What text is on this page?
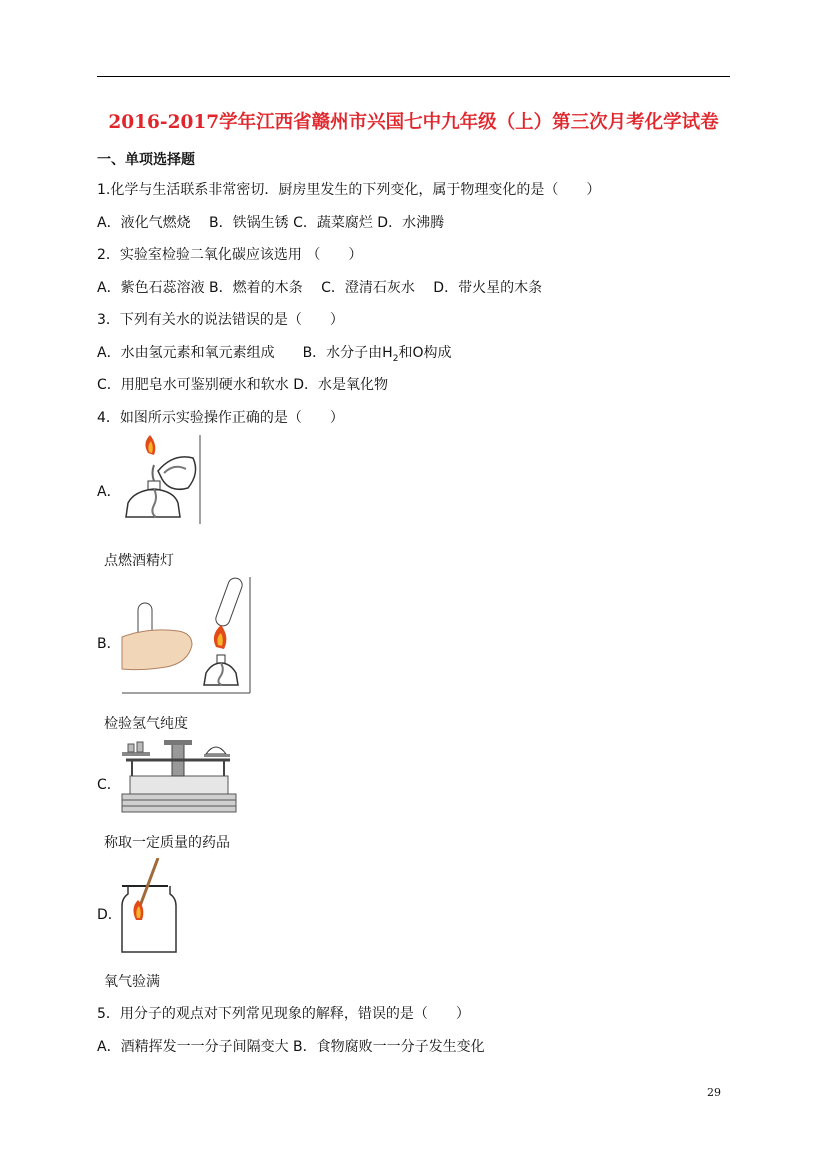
2016-2017学年江西省赣州市兴国七中九年级（上）第三次月考化学试卷
一、单项选择题
1.化学与生活联系非常密切．厨房里发生的下列变化，属于物理变化的是（　　）
A．液化气燃烧　 B．铁锅生锈 C．蔬菜腐烂 D．水沸腾
2．实验室检验二氧化碳应该选用 （　　）
A．紫色石蕊溶液 B．燃着的木条　 C．澄清石灰水　 D．带火星的木条
3．下列有关水的说法错误的是（　　）
A．水由氢元素和氧元素组成　　B．水分子由$H_2$和O构成
C．用肥皂水可鉴别硬水和软水 D．水是氧化物
4．如图所示实验操作正确的是（　　）
A．
点燃酒精灯
B．
检验氢气纯度
C．
称取一定质量的药品
D．
氧气验满
5．用分子的观点对下列常见现象的解释，错误的是（　　）
A．酒精挥发一一分子间隔变大 B．食物腐败一一分子发生变化
29
